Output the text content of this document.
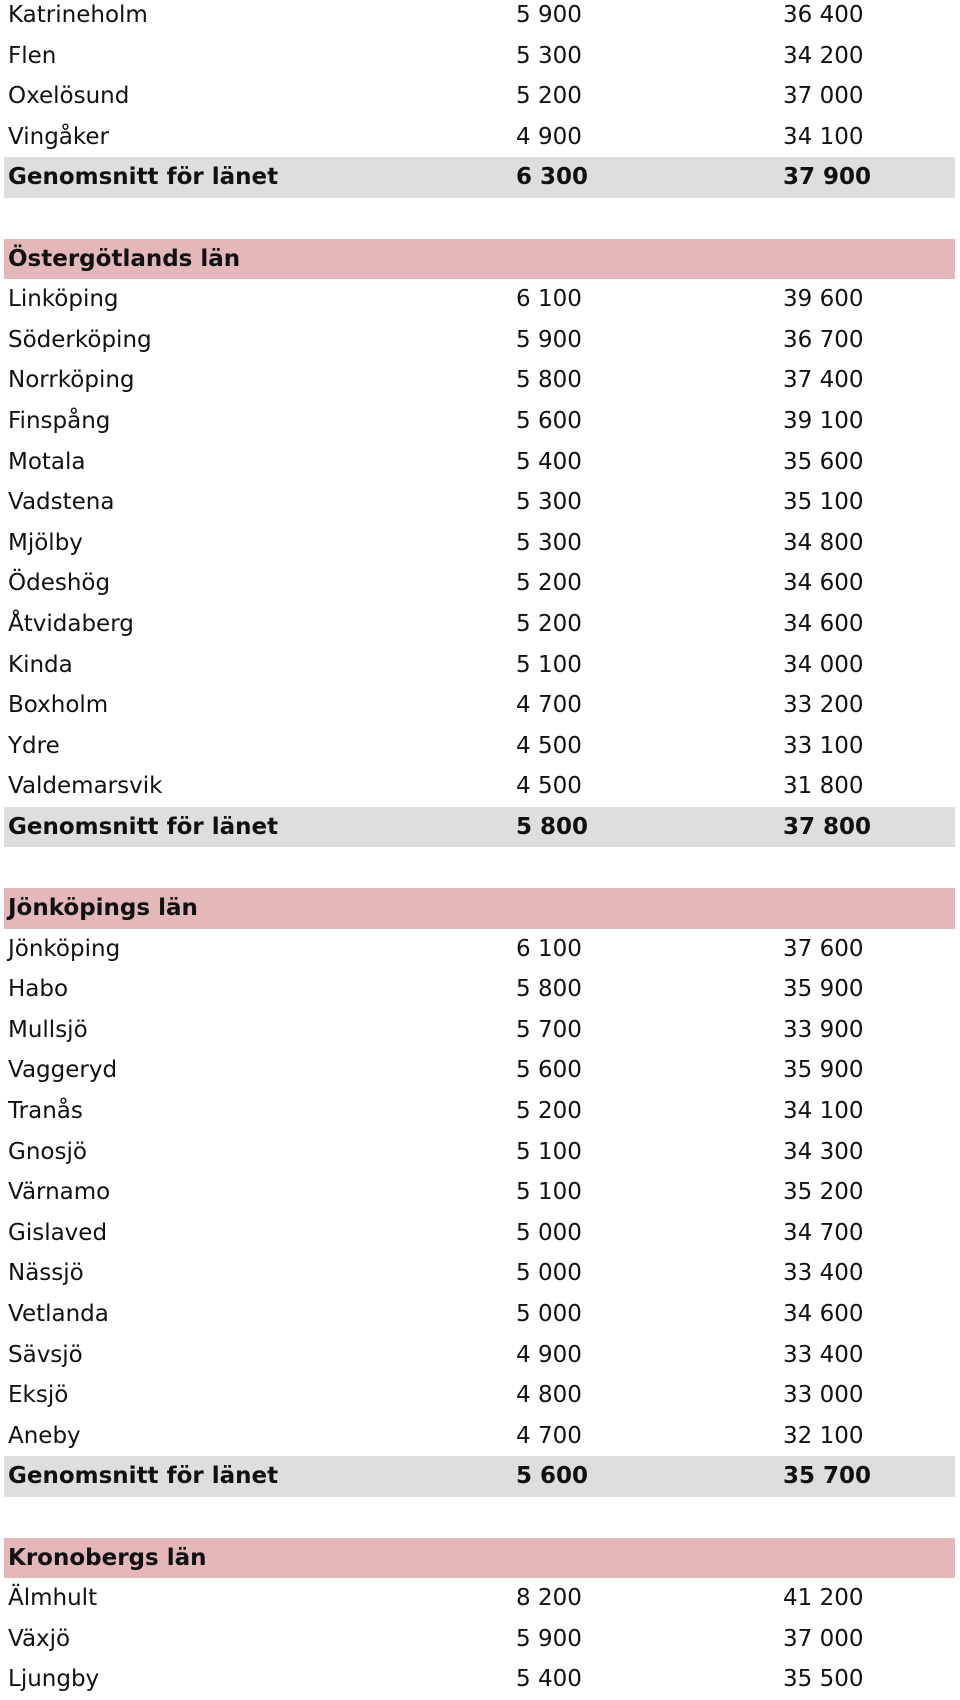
Katrineholm	5 900	36 400
Flen	5 300	34 200
Oxelösund	5 200	37 000
Vingåker	4 900	34 100
Genomsnitt för länet	6 300	37 900
Östergötlands län
Linköping	6 100	39 600
Söderköping	5 900	36 700
Norrköping	5 800	37 400
Finspång	5 600	39 100
Motala	5 400	35 600
Vadstena	5 300	35 100
Mjölby	5 300	34 800
Ödeshög	5 200	34 600
Åtvidaberg	5 200	34 600
Kinda	5 100	34 000
Boxholm	4 700	33 200
Ydre	4 500	33 100
Valdemarsvik	4 500	31 800
Genomsnitt för länet	5 800	37 800
Jönköpings län
Jönköping	6 100	37 600
Habo	5 800	35 900
Mullsjö	5 700	33 900
Vaggeryd	5 600	35 900
Tranås	5 200	34 100
Gnosjö	5 100	34 300
Värnamo	5 100	35 200
Gislaved	5 000	34 700
Nässjö	5 000	33 400
Vetlanda	5 000	34 600
Sävsjö	4 900	33 400
Eksjö	4 800	33 000
Aneby	4 700	32 100
Genomsnitt för länet	5 600	35 700
Kronobergs län
Älmhult	8 200	41 200
Växjö	5 900	37 000
Ljungby	5 400	35 500
